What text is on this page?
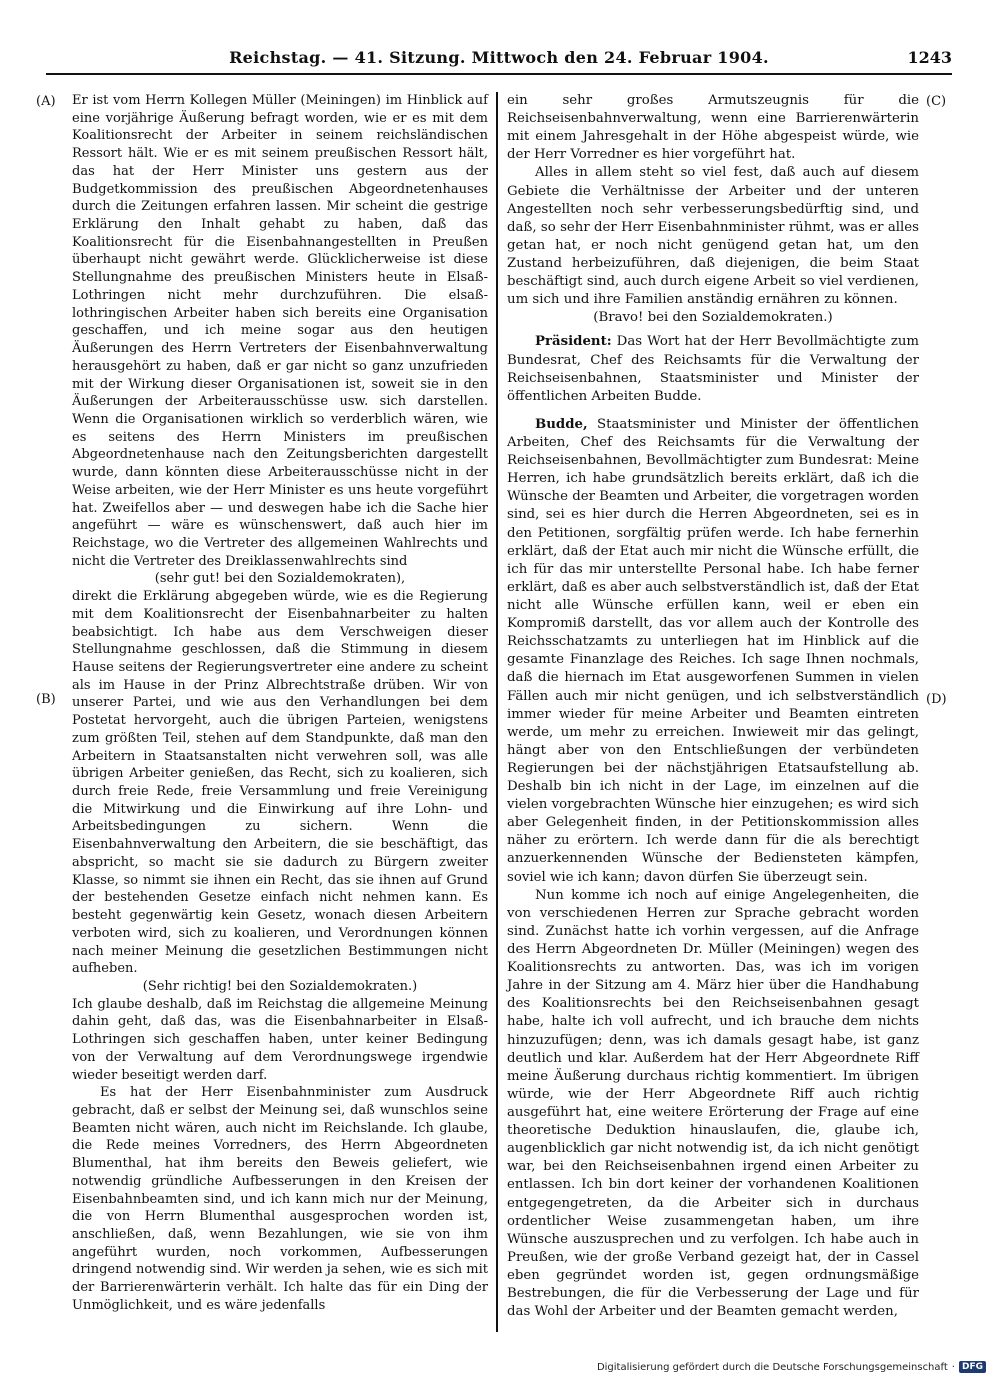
Reichstag. — 41. Sitzung. Mittwoch den 24. Februar 1904.	1243
(A)
(B)
(C)
(D)

Er ist vom Herrn Kollegen Müller (Meiningen) im Hinblick auf eine vorjährige Äußerung befragt worden, wie er es mit dem Koalitionsrecht der Arbeiter in seinem reichsländischen Ressort hält. Wie er es mit seinem preußischen Ressort hält, das hat der Herr Minister uns gestern aus der Budgetkommission des preußischen Abgeordnetenhauses durch die Zeitungen erfahren lassen. Mir scheint die gestrige Erklärung den Inhalt gehabt zu haben, daß das Koalitionsrecht für die Eisenbahnangestellten in Preußen überhaupt nicht gewährt werde. Glücklicherweise ist diese Stellungnahme des preußischen Ministers heute in Elsaß-Lothringen nicht mehr durchzuführen. Die elsaß-lothringischen Arbeiter haben sich bereits eine Organisation geschaffen, und ich meine sogar aus den heutigen Äußerungen des Herrn Vertreters der Eisenbahnverwaltung herausgehört zu haben, daß er gar nicht so ganz unzufrieden mit der Wirkung dieser Organisationen ist, soweit sie in den Äußerungen der Arbeiterausschüsse usw. sich darstellen. Wenn die Organisationen wirklich so verderblich wären, wie es seitens des Herrn Ministers im preußischen Abgeordnetenhause nach den Zeitungsberichten dargestellt wurde, dann könnten diese Arbeiterausschüsse nicht in der Weise arbeiten, wie der Herr Minister es uns heute vorgeführt hat. Zweifellos aber — und deswegen habe ich die Sache hier angeführt — wäre es wünschenswert, daß auch hier im Reichstage, wo die Vertreter des allgemeinen Wahlrechts und nicht die Vertreter des Dreiklassenwahlrechts sind

(sehr gut! bei den Sozialdemokraten),

direkt die Erklärung abgegeben würde, wie es die Regierung mit dem Koalitionsrecht der Eisenbahnarbeiter zu halten beabsichtigt. Ich habe aus dem Verschweigen dieser Stellungnahme geschlossen, daß die Stimmung in diesem Hause seitens der Regierungsvertreter eine andere zu scheint als im Hause in der Prinz Albrechtstraße drüben. Wir von unserer Partei, und wie aus den Verhandlungen bei dem Postetat hervorgeht, auch die übrigen Parteien, wenigstens zum größten Teil, stehen auf dem Standpunkte, daß man den Arbeitern in Staatsanstalten nicht verwehren soll, was alle übrigen Arbeiter genießen, das Recht, sich zu koalieren, sich durch freie Rede, freie Versammlung und freie Vereinigung die Mitwirkung und die Einwirkung auf ihre Lohn- und Arbeitsbedingungen zu sichern. Wenn die Eisenbahnverwaltung den Arbeitern, die sie beschäftigt, das abspricht, so macht sie sie dadurch zu Bürgern zweiter Klasse, so nimmt sie ihnen ein Recht, das sie ihnen auf Grund der bestehenden Gesetze einfach nicht nehmen kann. Es besteht gegenwärtig kein Gesetz, wonach diesen Arbeitern verboten wird, sich zu koalieren, und Verordnungen können nach meiner Meinung die gesetzlichen Bestimmungen nicht aufheben.

(Sehr richtig! bei den Sozialdemokraten.)

Ich glaube deshalb, daß im Reichstag die allgemeine Meinung dahin geht, daß das, was die Eisenbahnarbeiter in Elsaß-Lothringen sich geschaffen haben, unter keiner Bedingung von der Verwaltung auf dem Verordnungswege irgendwie wieder beseitigt werden darf.

Es hat der Herr Eisenbahnminister zum Ausdruck gebracht, daß er selbst der Meinung sei, daß wunschlos seine Beamten nicht wären, auch nicht im Reichslande. Ich glaube, die Rede meines Vorredners, des Herrn Abgeordneten Blumenthal, hat ihm bereits den Beweis geliefert, wie notwendig gründliche Aufbesserungen in den Kreisen der Eisenbahnbeamten sind, und ich kann mich nur der Meinung, die von Herrn Blumenthal ausgesprochen worden ist, anschließen, daß, wenn Bezahlungen, wie sie von ihm angeführt wurden, noch vorkommen, Aufbesserungen dringend notwendig sind. Wir werden ja sehen, wie es sich mit der Barrierenwärterin verhält. Ich halte das für ein Ding der Unmöglichkeit, und es wäre jedenfalls

ein sehr großes Armutszeugnis für die Reichseisenbahnverwaltung, wenn eine Barrierenwärterin mit einem Jahresgehalt in der Höhe abgespeist würde, wie der Herr Vorredner es hier vorgeführt hat.

Alles in allem steht so viel fest, daß auch auf diesem Gebiete die Verhältnisse der Arbeiter und der unteren Angestellten noch sehr verbesserungsbedürftig sind, und daß, so sehr der Herr Eisenbahnminister rühmt, was er alles getan hat, er noch nicht genügend getan hat, um den Zustand herbeizuführen, daß diejenigen, die beim Staat beschäftigt sind, auch durch eigene Arbeit so viel verdienen, um sich und ihre Familien anständig ernähren zu können.

(Bravo! bei den Sozialdemokraten.)

Präsident: Das Wort hat der Herr Bevollmächtigte zum Bundesrat, Chef des Reichsamts für die Verwaltung der Reichseisenbahnen, Staatsminister und Minister der öffentlichen Arbeiten Budde.

Budde, Staatsminister und Minister der öffentlichen Arbeiten, Chef des Reichsamts für die Verwaltung der Reichseisenbahnen, Bevollmächtigter zum Bundesrat: Meine Herren, ich habe grundsätzlich bereits erklärt, daß ich die Wünsche der Beamten und Arbeiter, die vorgetragen worden sind, sei es hier durch die Herren Abgeordneten, sei es in den Petitionen, sorgfältig prüfen werde. Ich habe fernerhin erklärt, daß der Etat auch mir nicht die Wünsche erfüllt, die ich für das mir unterstellte Personal habe. Ich habe ferner erklärt, daß es aber auch selbstverständlich ist, daß der Etat nicht alle Wünsche erfüllen kann, weil er eben ein Kompromiß darstellt, das vor allem auch der Kontrolle des Reichsschatzamts zu unterliegen hat im Hinblick auf die gesamte Finanzlage des Reiches. Ich sage Ihnen nochmals, daß die hiernach im Etat ausgeworfenen Summen in vielen Fällen auch mir nicht genügen, und ich selbstverständlich immer wieder für meine Arbeiter und Beamten eintreten werde, um mehr zu erreichen. Inwieweit mir das gelingt, hängt aber von den Entschließungen der verbündeten Regierungen bei der nächstjährigen Etatsaufstellung ab. Deshalb bin ich nicht in der Lage, im einzelnen auf die vielen vorgebrachten Wünsche hier einzugehen; es wird sich aber Gelegenheit finden, in der Petitionskommission alles näher zu erörtern. Ich werde dann für die als berechtigt anzuerkennenden Wünsche der Bediensteten kämpfen, soviel wie ich kann; davon dürfen Sie überzeugt sein.

Nun komme ich noch auf einige Angelegenheiten, die von verschiedenen Herren zur Sprache gebracht worden sind. Zunächst hatte ich vorhin vergessen, auf die Anfrage des Herrn Abgeordneten Dr. Müller (Meiningen) wegen des Koalitionsrechts zu antworten. Das, was ich im vorigen Jahre in der Sitzung am 4. März hier über die Handhabung des Koalitionsrechts bei den Reichseisenbahnen gesagt habe, halte ich voll aufrecht, und ich brauche dem nichts hinzuzufügen; denn, was ich damals gesagt habe, ist ganz deutlich und klar. Außerdem hat der Herr Abgeordnete Riff meine Äußerung durchaus richtig kommentiert. Im übrigen würde, wie der Herr Abgeordnete Riff auch richtig ausgeführt hat, eine weitere Erörterung der Frage auf eine theoretische Deduktion hinauslaufen, die, glaube ich, augenblicklich gar nicht notwendig ist, da ich nicht genötigt war, bei den Reichseisenbahnen irgend einen Arbeiter zu entlassen. Ich bin dort keiner der vorhandenen Koalitionen entgegengetreten, da die Arbeiter sich in durchaus ordentlicher Weise zusammengetan haben, um ihre Wünsche auszusprechen und zu verfolgen. Ich habe auch in Preußen, wie der große Verband gezeigt hat, der in Cassel eben gegründet worden ist, gegen ordnungsmäßige Bestrebungen, die für die Verbesserung der Lage und für das Wohl der Arbeiter und der Beamten gemacht werden,

Digitalisierung gefördert durch die Deutsche Forschungsgemeinschaft · DFG
